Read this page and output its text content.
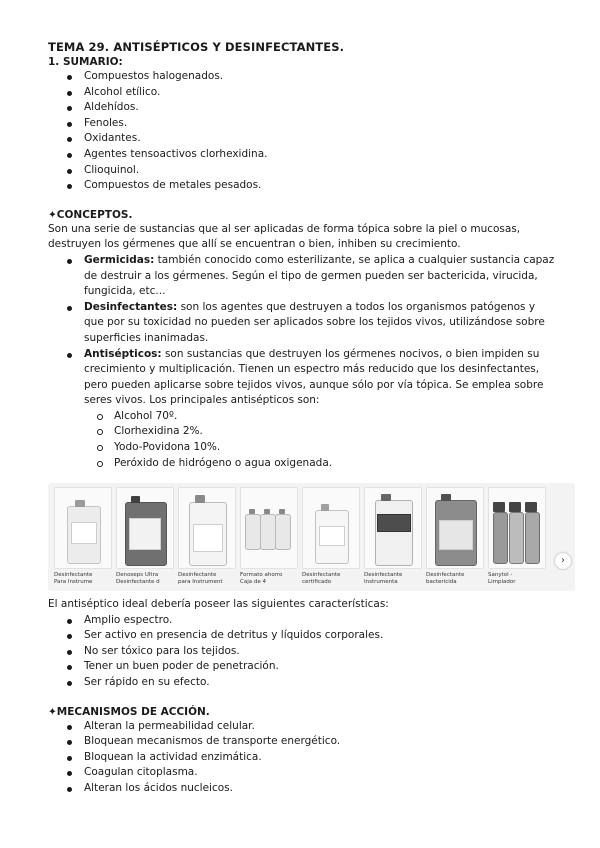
TEMA 29. ANTISÉPTICOS Y DESINFECTANTES.
1. SUMARIO:
Compuestos halogenados.
Alcohol etílico.
Aldehídos.
Fenoles.
Oxidantes.
Agentes tensoactivos clorhexidina.
Clioquinol.
Compuestos de metales pesados.
✦CONCEPTOS.

Son una serie de sustancias que al ser aplicadas de forma tópica sobre la piel o mucosas, destruyen los gérmenes que allí se encuentran o bien, inhiben su crecimiento.

Germicidas: también conocido como esterilizante, se aplica a cualquier sustancia capaz de destruir a los gérmenes. Según el tipo de germen pueden ser bactericida, virucida, fungicida, etc...
Desinfectantes: son los agentes que destruyen a todos los organismos patógenos y que por su toxicidad no pueden ser aplicados sobre los tejidos vivos, utilizándose sobre superficies inanimadas.
Antisépticos: son sustancias que destruyen los gérmenes nocivos, o bien impiden su crecimiento y multiplicación. Tienen un espectro más reducido que los desinfectantes, pero pueden aplicarse sobre tejidos vivos, aunque sólo por vía tópica. Se emplea sobre seres vivos. Los principales antisépticos son:
Alcohol 70º.
Clorhexidina 2%.
Yodo-Povidona 10%.
Peróxido de hidrógeno o agua oxigenada.
Desinfectante
Para Instrume
Denoxeps Ultra
Desinfectante d
Desinfectante
para Instrument
Formato ahorro
Caja de 4
Desinfectante
certificado
Desinfectante
Instrumenta
Desinfectante
bactericida
Sanytol -
Limpiador
›

El antiséptico ideal debería poseer las siguientes características:

Amplio espectro.
Ser activo en presencia de detritus y líquidos corporales.
No ser tóxico para los tejidos.
Tener un buen poder de penetración.
Ser rápido en su efecto.
✦MECANISMOS DE ACCIÓN.
Alteran la permeabilidad celular.
Bloquean mecanismos de transporte energético.
Bloquean la actividad enzimática.
Coagulan citoplasma.
Alteran los ácidos nucleicos.
